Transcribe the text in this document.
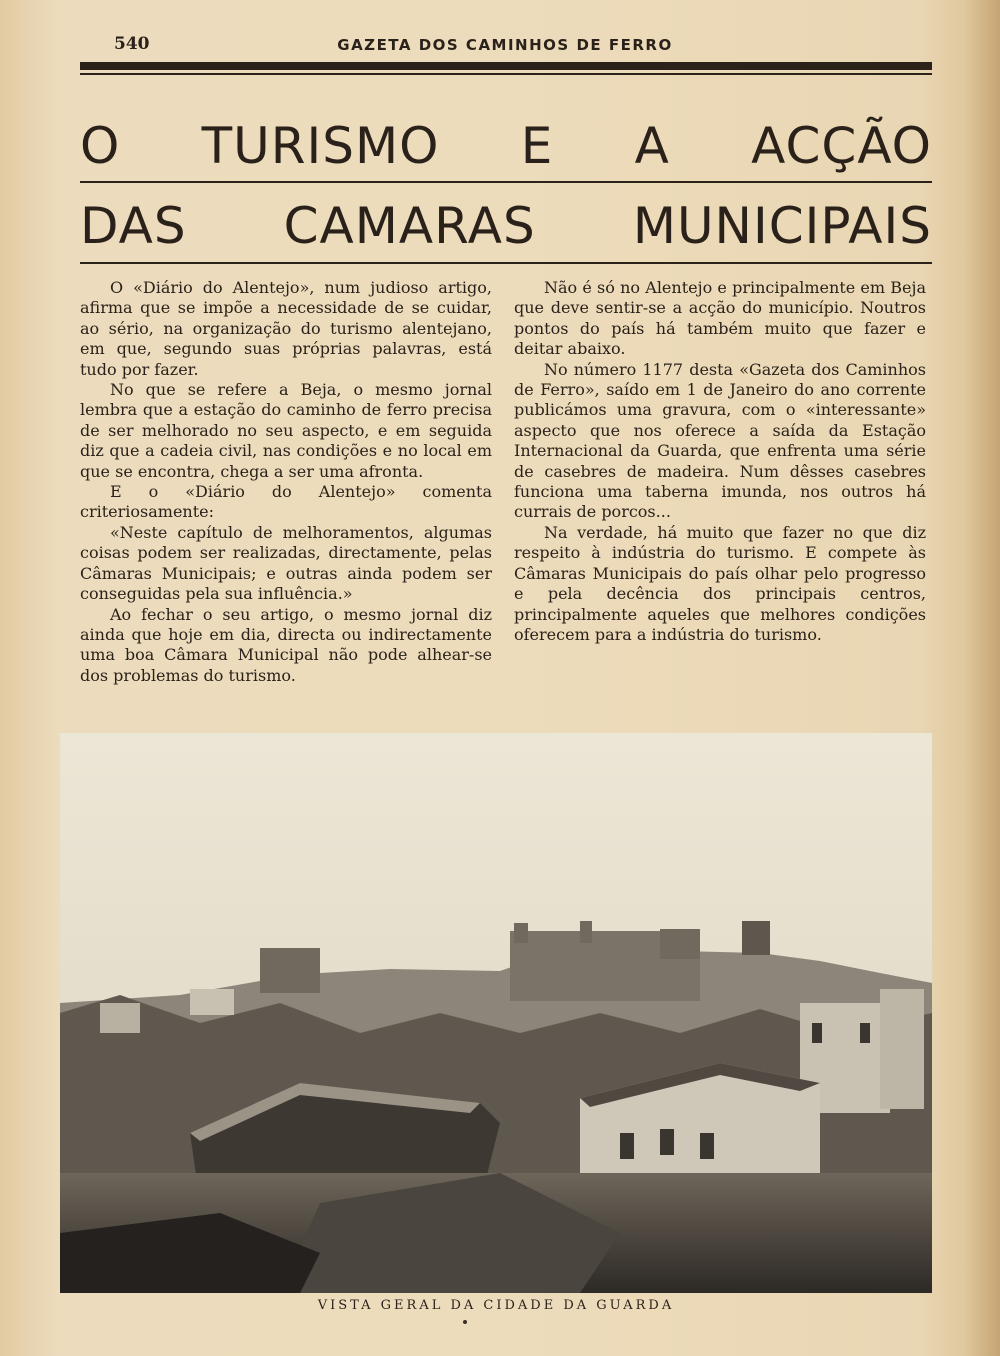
540	GAZETA DOS CAMINHOS DE FERRO
O TURISMO E A ACÇÃO
DAS CAMARAS MUNICIPAIS

O «Diário do Alentejo», num judioso artigo, afirma que se impõe a necessidade de se cuidar, ao sério, na organização do turismo alentejano, em que, segundo suas próprias palavras, está tudo por fazer.

No que se refere a Beja, o mesmo jornal lembra que a estação do caminho de ferro precisa de ser melhorado no seu aspecto, e em seguida diz que a cadeia civil, nas condições e no local em que se encontra, chega a ser uma afronta.

E o «Diário do Alentejo» comenta criteriosamente:

«Neste capítulo de melhoramentos, algumas coisas podem ser realizadas, directamente, pelas Câmaras Municipais; e outras ainda podem ser conseguidas pela sua influência.»

Ao fechar o seu artigo, o mesmo jornal diz ainda que hoje em dia, directa ou indirectamente uma boa Câmara Municipal não pode alhear-se dos problemas do turismo.

Não é só no Alentejo e principalmente em Beja que deve sentir-se a acção do município. Noutros pontos do país há também muito que fazer e deitar abaixo.

No número 1177 desta «Gazeta dos Caminhos de Ferro», saído em 1 de Janeiro do ano corrente publicámos uma gravura, com o «interessante» aspecto que nos oferece a saída da Estação Internacional da Guarda, que enfrenta uma série de casebres de madeira. Num dêsses casebres funciona uma taberna imunda, nos outros há currais de porcos...

Na verdade, há muito que fazer no que diz respeito à indústria do turismo. E compete às Câmaras Municipais do país olhar pelo progresso e pela decência dos principais centros, principalmente aqueles que melhores condições oferecem para a indústria do turismo.

VISTA GERAL DA CIDADE DA GUARDA
